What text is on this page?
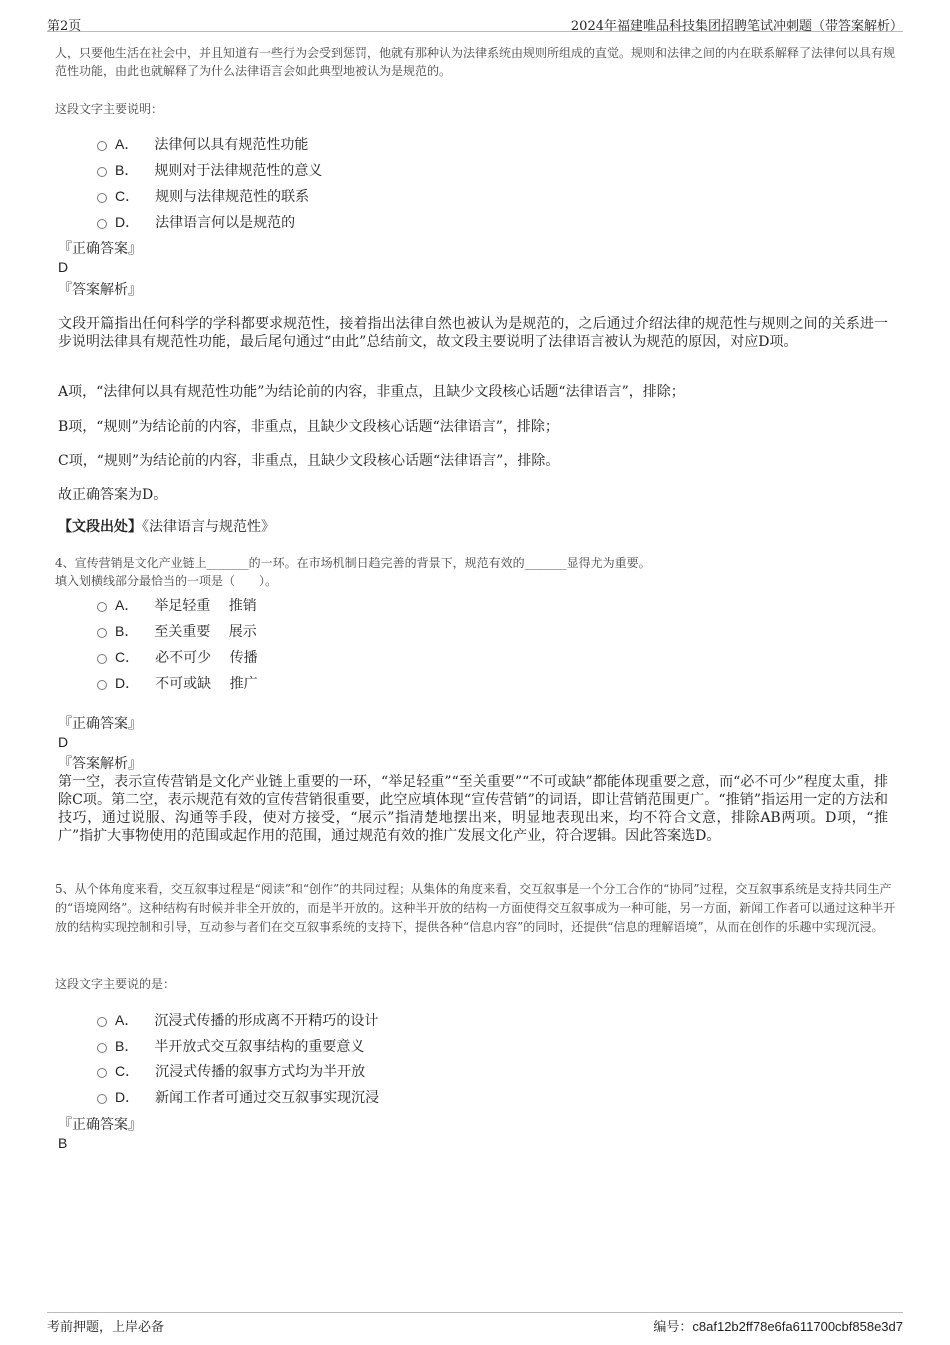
第2页	2024年福建唯品科技集团招聘笔试冲刺题（带答案解析）
人，只要他生活在社会中，并且知道有一些行为会受到惩罚，他就有那种认为法律系统由规则所组成的直觉。规则和法律之间的内在联系解释了法律何以具有规范性功能，由此也就解释了为什么法律语言会如此典型地被认为是规范的。
这段文字主要说明：
A． 法律何以具有规范性功能
B． 规则对于法律规范性的意义
C． 规则与法律规范性的联系
D． 法律语言何以是规范的
『正确答案』
D
『答案解析』
文段开篇指出任何科学的学科都要求规范性，接着指出法律自然也被认为是规范的，之后通过介绍法律的规范性与规则之间的关系进一步说明法律具有规范性功能，最后尾句通过“由此”总结前文，故文段主要说明了法律语言被认为规范的原因，对应D项。
A项，“法律何以具有规范性功能”为结论前的内容，非重点，且缺少文段核心话题“法律语言”，排除；
B项，“规则”为结论前的内容，非重点，且缺少文段核心话题“法律语言”，排除；
C项，“规则”为结论前的内容，非重点，且缺少文段核心话题“法律语言”，排除。
故正确答案为D。
【文段出处】《法律语言与规范性》
4、宣传营销是文化产业链上_______的一环。在市场机制日趋完善的背景下，规范有效的_______显得尤为重要。
填入划横线部分最恰当的一项是（　　）。
A． 举足轻重　 推销
B． 至关重要　 展示
C． 必不可少　 传播
D． 不可或缺　 推广
『正确答案』
D
『答案解析』
第一空，表示宣传营销是文化产业链上重要的一环，“举足轻重”“至关重要”“不可或缺”都能体现重要之意，而“必不可少”程度太重，排除C项。第二空，表示规范有效的宣传营销很重要，此空应填体现“宣传营销”的词语，即让营销范围更广。“推销”指运用一定的方法和技巧，通过说服、沟通等手段，使对方接受，“展示”指清楚地摆出来，明显地表现出来，均不符合文意，排除AB两项。D项，“推广”指扩大事物使用的范围或起作用的范围，通过规范有效的推广发展文化产业，符合逻辑。因此答案选D。
5、从个体角度来看，交互叙事过程是“阅读”和“创作”的共同过程；从集体的角度来看，交互叙事是一个分工合作的“协同”过程，交互叙事系统是支持共同生产的“语境网络”。这种结构有时候并非全开放的，而是半开放的。这种半开放的结构一方面使得交互叙事成为一种可能，另一方面，新闻工作者可以通过这种半开放的结构实现控制和引导，互动参与者们在交互叙事系统的支持下，提供各种“信息内容”的同时，还提供“信息的理解语境”，从而在创作的乐趣中实现沉浸。
这段文字主要说的是：
A． 沉浸式传播的形成离不开精巧的设计
B． 半开放式交互叙事结构的重要意义
C． 沉浸式传播的叙事方式均为半开放
D． 新闻工作者可通过交互叙事实现沉浸
『正确答案』
B
考前押题，上岸必备	编号：c8af12b2ff78e6fa611700cbf858e3d7
